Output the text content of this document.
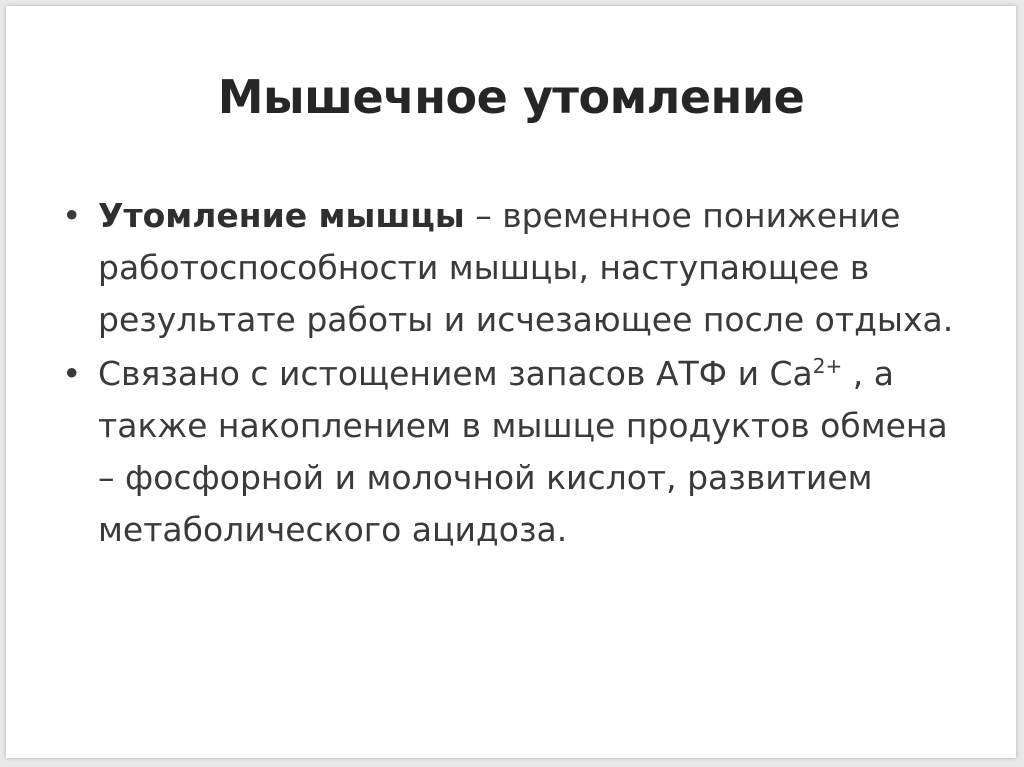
Мышечное утомление
• Утомление мышцы – временное понижение работоспособности мышцы, наступающее в результате работы и исчезающее после отдыха.
• Связано с истощением запасов АТФ и $Са^{2+}$ , а также накоплением в мышце продуктов обмена – фосфорной и молочной кислот, развитием метаболического ацидоза.
